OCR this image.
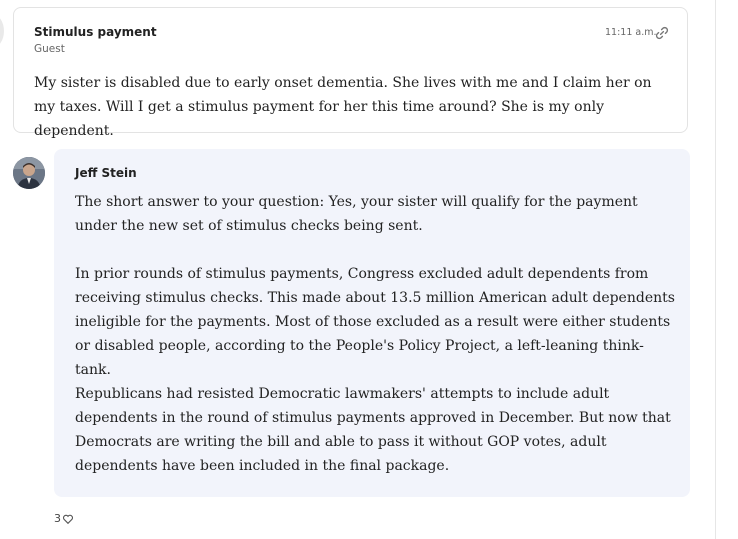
Stimulus payment
Guest
11:11 a.m.
My sister is disabled due to early onset dementia. She lives with me and I claim her on my taxes. Will I get a stimulus payment for her this time around? She is my only dependent.
Jeff Stein

The short answer to your question: Yes, your sister will qualify for the payment under the new set of stimulus checks being sent.

In prior rounds of stimulus payments, Congress excluded adult dependents from receiving stimulus checks. This made about 13.5 million American adult dependents ineligible for the payments. Most of those excluded as a result were either students or disabled people, according to the People's Policy Project, a left-leaning think-tank.

Republicans had resisted Democratic lawmakers' attempts to include adult dependents in the round of stimulus payments approved in December. But now that Democrats are writing the bill and able to pass it without GOP votes, adult dependents have been included in the final package.

3
